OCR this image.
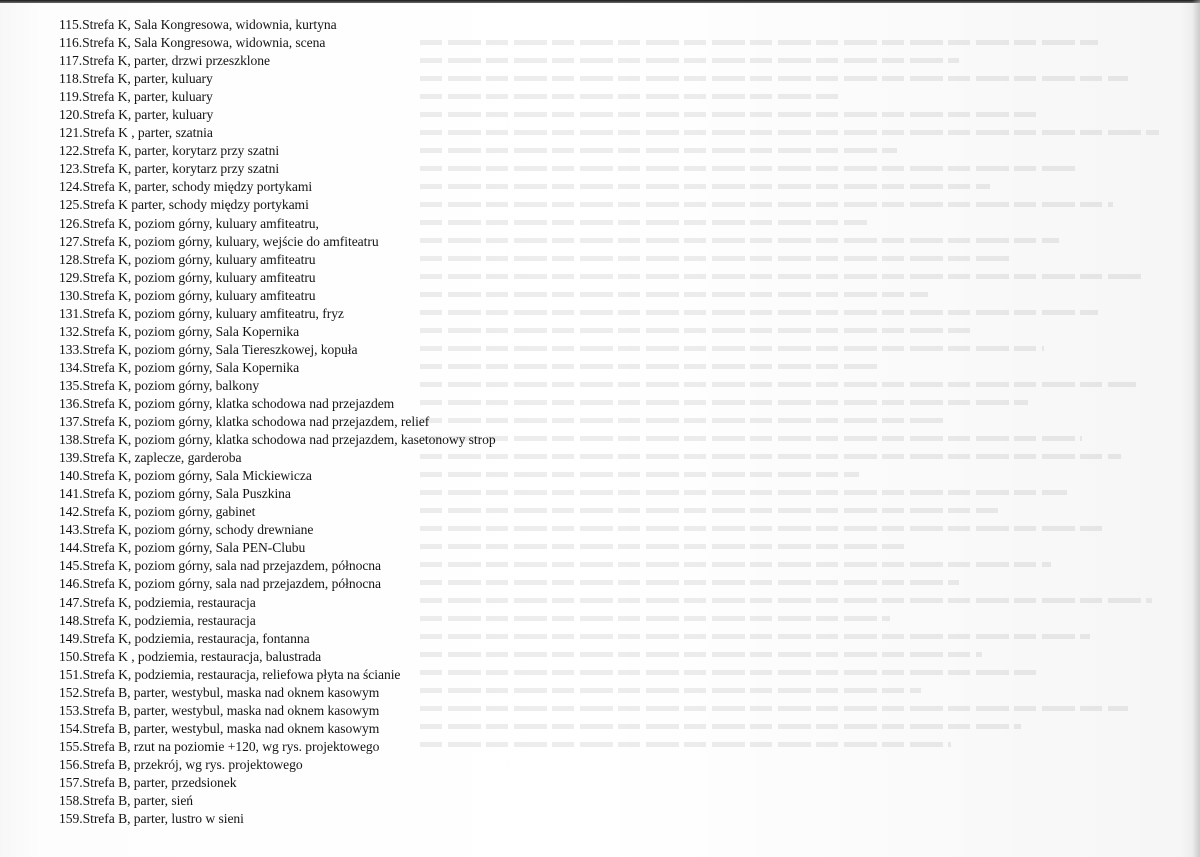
115.Strefa K, Sala Kongresowa, widownia, kurtyna
116.Strefa K, Sala Kongresowa, widownia, scena
117.Strefa K, parter, drzwi przeszklone
118.Strefa K, parter, kuluary
119.Strefa K, parter, kuluary
120.Strefa K, parter, kuluary
121.Strefa K , parter, szatnia
122.Strefa K, parter, korytarz przy szatni
123.Strefa K, parter, korytarz przy szatni
124.Strefa K, parter, schody między portykami
125.Strefa K parter, schody między portykami
126.Strefa K, poziom górny, kuluary amfiteatru,
127.Strefa K, poziom górny, kuluary, wejście do amfiteatru
128.Strefa K, poziom górny, kuluary amfiteatru
129.Strefa K, poziom górny, kuluary amfiteatru
130.Strefa K, poziom górny, kuluary amfiteatru
131.Strefa K, poziom górny, kuluary amfiteatru, fryz
132.Strefa K, poziom górny, Sala Kopernika
133.Strefa K, poziom górny, Sala Tiereszkowej, kopuła
134.Strefa K, poziom górny, Sala Kopernika
135.Strefa K, poziom górny, balkony
136.Strefa K, poziom górny, klatka schodowa nad przejazdem
137.Strefa K, poziom górny, klatka schodowa nad przejazdem, relief
138.Strefa K, poziom górny, klatka schodowa nad przejazdem, kasetonowy strop
139.Strefa K, zaplecze, garderoba
140.Strefa K, poziom górny, Sala Mickiewicza
141.Strefa K, poziom górny, Sala Puszkina
142.Strefa K, poziom górny, gabinet
143.Strefa K, poziom górny, schody drewniane
144.Strefa K, poziom górny, Sala PEN-Clubu
145.Strefa K, poziom górny, sala nad przejazdem, północna
146.Strefa K, poziom górny, sala nad przejazdem, północna
147.Strefa K, podziemia, restauracja
148.Strefa K, podziemia, restauracja
149.Strefa K, podziemia, restauracja, fontanna
150.Strefa K , podziemia, restauracja, balustrada
151.Strefa K, podziemia, restauracja, reliefowa płyta na ścianie
152.Strefa B, parter, westybul, maska nad oknem kasowym
153.Strefa B, parter, westybul, maska nad oknem kasowym
154.Strefa B, parter, westybul, maska nad oknem kasowym
155.Strefa B, rzut na poziomie +120, wg rys. projektowego
156.Strefa B, przekrój, wg rys. projektowego
157.Strefa B, parter, przedsionek
158.Strefa B, parter, sień
159.Strefa B, parter, lustro w sieni
